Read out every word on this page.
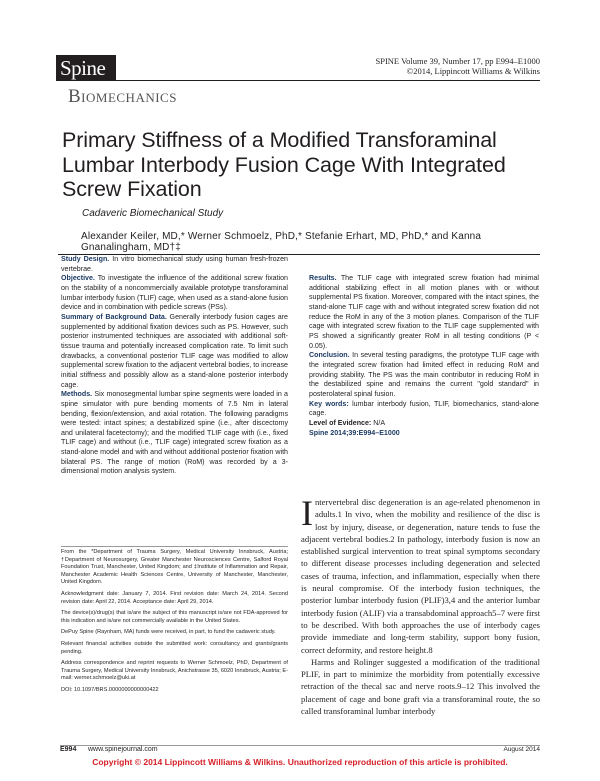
Spine
Biomechanics
SPINE Volume 39, Number 17, pp E994–E1000
©2014, Lippincott Williams & Wilkins
Primary Stiffness of a Modified Transforaminal Lumbar Interbody Fusion Cage With Integrated Screw Fixation
Cadaveric Biomechanical Study
Alexander Keiler, MD,* Werner Schmoelz, PhD,* Stefanie Erhart, MD, PhD,* and Kanna Gnanalingham, MD†‡

Study Design. In vitro biomechanical study using human fresh-frozen vertebrae.

Objective. To investigate the influence of the additional screw fixation on the stability of a noncommercially available prototype transforaminal lumbar interbody fusion (TLIF) cage, when used as a stand-alone fusion device and in combination with pedicle screws (PSs).

Summary of Background Data. Generally interbody fusion cages are supplemented by additional fixation devices such as PS. However, such posterior instrumented techniques are associated with additional soft-tissue trauma and potentially increased complication rate. To limit such drawbacks, a conventional posterior TLIF cage was modified to allow supplemental screw fixation to the adjacent vertebral bodies, to increase initial stiffness and possibly allow as a stand-alone posterior interbody cage.

Methods. Six monosegmental lumbar spine segments were loaded in a spine simulator with pure bending moments of 7.5 Nm in lateral bending, flexion/extension, and axial rotation. The following paradigms were tested: intact spines; a destabilized spine (i.e., after discectomy and unilateral facetectomy); and the modified TLIF cage with (i.e., fixed TLIF cage) and without (i.e., TLIF cage) integrated screw fixation as a stand-alone model and with and without additional posterior fixation with bilateral PS. The range of motion (RoM) was recorded by a 3-dimensional motion analysis system.

Results. The TLIF cage with integrated screw fixation had minimal additional stabilizing effect in all motion planes with or without supplemental PS fixation. Moreover, compared with the intact spines, the stand-alone TLIF cage with and without integrated screw fixation did not reduce the RoM in any of the 3 motion planes. Comparison of the TLIF cage with integrated screw fixation to the TLIF cage supplemented with PS showed a significantly greater RoM in all testing conditions (P < 0.05).

Conclusion. In several testing paradigms, the prototype TLIF cage with the integrated screw fixation had limited effect in reducing RoM and providing stability. The PS was the main contributor in reducing RoM in the destabilized spine and remains the current "gold standard" in posterolateral spinal fusion.

Key words: lumbar interbody fusion, TLIF, biomechanics, stand-alone cage.

Level of Evidence: N/A

Spine 2014;39:E994–E1000

From the *Department of Trauma Surgery, Medical University Innsbruck, Austria; †Department of Neurosurgery, Greater Manchester Neurosciences Centre, Salford Royal Foundation Trust, Manchester, United Kingdom; and ‡Institute of Inflammation and Repair, Manchester Academic Health Sciences Centre, University of Manchester, Manchester, United Kingdom.

Acknowledgment date: January 7, 2014. First revision date: March 24, 2014. Second revision date: April 22, 2014. Acceptance date: April 29, 2014.

The device(s)/drug(s) that is/are the subject of this manuscript is/are not FDA-approved for this indication and is/are not commercially available in the United States.

DePuy Spine (Raynham, MA) funds were received, in part, to fund the cadaveric study.

Relevant financial activities outside the submitted work: consultancy and grants/grants pending.

Address correspondence and reprint requests to Werner Schmoelz, PhD, Department of Trauma Surgery, Medical University Innsbruck, Anichstrasse 35, 6020 Innsbruck, Austria; E-mail: werner.schmoelz@uki.at

DOI: 10.1097/BRS.0000000000000422

Intervertebral disc degeneration is an age-related phenomenon in adults.1 In vivo, when the mobility and resilience of the disc is lost by injury, disease, or degeneration, nature tends to fuse the adjacent vertebral bodies.2 In pathology, interbody fusion is now an established surgical intervention to treat spinal symptoms secondary to different disease processes including degeneration and selected cases of trauma, infection, and inflammation, especially when there is neural compromise. Of the interbody fusion techniques, the posterior lumbar interbody fusion (PLIF)3,4 and the anterior lumbar interbody fusion (ALIF) via a transabdominal approach5–7 were first to be described. With both approaches the use of interbody cages provide immediate and long-term stability, support bony fusion, correct deformity, and restore height.8

Harms and Rolinger suggested a modification of the traditional PLIF, in part to minimize the morbidity from potentially excessive retraction of the thecal sac and nerve roots.9–12 This involved the placement of cage and bone graft via a transforaminal route, the so called transforaminal lumbar interbody

E994 www.spinejournal.com	August 2014
Copyright © 2014 Lippincott Williams & Wilkins. Unauthorized reproduction of this article is prohibited.
